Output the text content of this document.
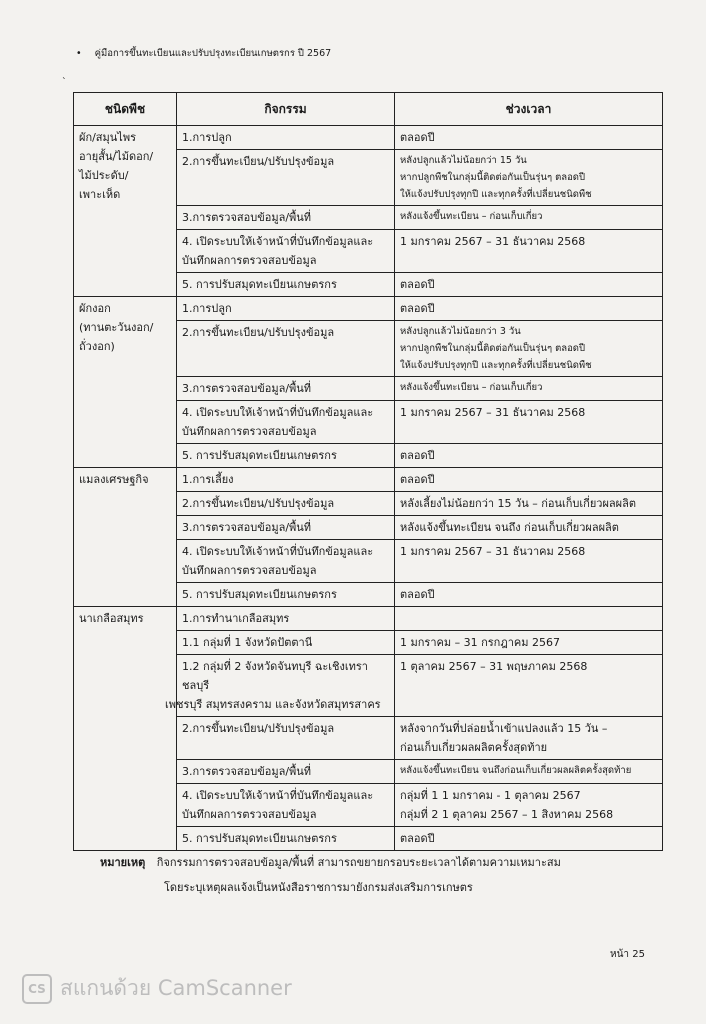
• คู่มือการขึ้นทะเบียนและปรับปรุงทะเบียนเกษตรกร ปี 2567
ˎ
ชนิดพืช	กิจกรรม	ช่วงเวลา

ผัก/สมุนไพร
อายุสั้น/ไม้ดอก/
ไม้ประดับ/
เพาะเห็ด	1.การปลูก	ตลอดปี

	2.การขึ้นทะเบียน/ปรับปรุงข้อมูล	หลังปลูกแล้วไม่น้อยกว่า 15 วัน
หากปลูกพืชในกลุ่มนี้ติดต่อกันเป็นรุ่นๆ ตลอดปี
ให้แจ้งปรับปรุงทุกปี และทุกครั้งที่เปลี่ยนชนิดพืช

	3.การตรวจสอบข้อมูล/พื้นที่	หลังแจ้งขึ้นทะเบียน – ก่อนเก็บเกี่ยว

	4. เปิดระบบให้เจ้าหน้าที่บันทึกข้อมูลและ
บันทึกผลการตรวจสอบข้อมูล	1 มกราคม 2567 – 31 ธันวาคม 2568

	5. การปรับสมุดทะเบียนเกษตรกร	ตลอดปี

ผักงอก
(ทานตะวันงอก/
ถั่วงอก)	1.การปลูก	ตลอดปี

	2.การขึ้นทะเบียน/ปรับปรุงข้อมูล	หลังปลูกแล้วไม่น้อยกว่า 3 วัน
หากปลูกพืชในกลุ่มนี้ติดต่อกันเป็นรุ่นๆ ตลอดปี
ให้แจ้งปรับปรุงทุกปี และทุกครั้งที่เปลี่ยนชนิดพืช

	3.การตรวจสอบข้อมูล/พื้นที่	หลังแจ้งขึ้นทะเบียน – ก่อนเก็บเกี่ยว

	4. เปิดระบบให้เจ้าหน้าที่บันทึกข้อมูลและ
บันทึกผลการตรวจสอบข้อมูล	1 มกราคม 2567 – 31 ธันวาคม 2568

	5. การปรับสมุดทะเบียนเกษตรกร	ตลอดปี

แมลงเศรษฐกิจ	1.การเลี้ยง	ตลอดปี

	2.การขึ้นทะเบียน/ปรับปรุงข้อมูล	หลังเลี้ยงไม่น้อยกว่า 15 วัน – ก่อนเก็บเกี่ยวผลผลิต

	3.การตรวจสอบข้อมูล/พื้นที่	หลังแจ้งขึ้นทะเบียน จนถึง ก่อนเก็บเกี่ยวผลผลิต

	4. เปิดระบบให้เจ้าหน้าที่บันทึกข้อมูลและ
บันทึกผลการตรวจสอบข้อมูล	1 มกราคม 2567 – 31 ธันวาคม 2568

	5. การปรับสมุดทะเบียนเกษตรกร	ตลอดปี

นาเกลือสมุทร	1.การทำนาเกลือสมุทร	

	1.1 กลุ่มที่ 1 จังหวัดปัตตานี	1 มกราคม – 31 กรกฎาคม 2567

	1.2 กลุ่มที่ 2 จังหวัดจันทบุรี ฉะเชิงเทรา ชลบุรี
เพชรบุรี สมุทรสงคราม และจังหวัดสมุทรสาคร	1 ตุลาคม 2567 – 31 พฤษภาคม 2568

	2.การขึ้นทะเบียน/ปรับปรุงข้อมูล	หลังจากวันที่ปล่อยน้ำเข้าแปลงแล้ว 15 วัน –
ก่อนเก็บเกี่ยวผลผลิตครั้งสุดท้าย

	3.การตรวจสอบข้อมูล/พื้นที่	หลังแจ้งขึ้นทะเบียน จนถึงก่อนเก็บเกี่ยวผลผลิตครั้งสุดท้าย

	4. เปิดระบบให้เจ้าหน้าที่บันทึกข้อมูลและ
บันทึกผลการตรวจสอบข้อมูล	กลุ่มที่ 1 1 มกราคม - 1 ตุลาคม 2567
กลุ่มที่ 2 1 ตุลาคม 2567 – 1 สิงหาคม 2568

	5. การปรับสมุดทะเบียนเกษตรกร	ตลอดปี
หมายเหตุ กิจกรรมการตรวจสอบข้อมูล/พื้นที่ สามารถขยายกรอบระยะเวลาได้ตามความเหมาะสม
โดยระบุเหตุผลแจ้งเป็นหนังสือราชการมายังกรมส่งเสริมการเกษตร
หน้า 25
CS สแกนด้วย CamScanner
